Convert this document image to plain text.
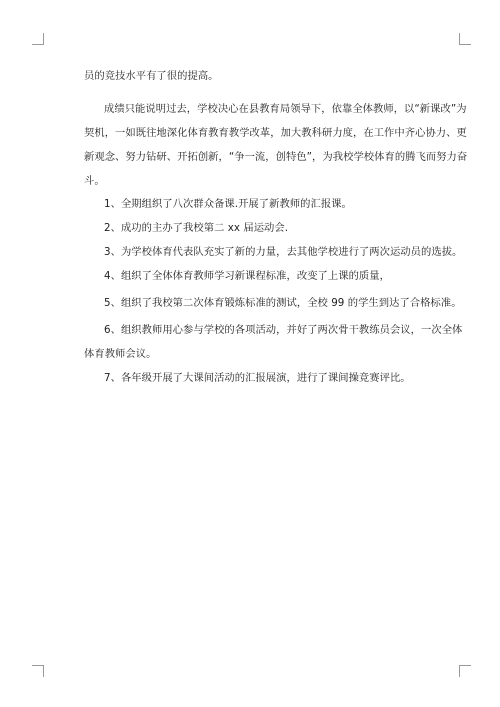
员的竞技水平有了很的提高。
成绩只能说明过去，学校决心在县教育局领导下，依靠全体教师，以“新课改”为
契机，一如既往地深化体育教育教学改革，加大教科研力度，在工作中齐心协力、更
新观念、努力钻研、开拓创新，“争一流，创特色”，为我校学校体育的腾飞而努力奋
斗。
1、全期组织了八次群众备课.开展了新教师的汇报课。
2、成功的主办了我校第二 xx 届运动会.
3、为学校体育代表队充实了新的力量，去其他学校进行了两次运动员的选拔。
4、组织了全体体育教师学习新课程标准，改变了上课的质量，
5、组织了我校第二次体育锻炼标准的测试，全校 99 的学生到达了合格标准。
6、组织教师用心参与学校的各项活动，并好了两次骨干教练员会议，一次全体
体育教师会议。
7、各年级开展了大课间活动的汇报展演，进行了课间操竞赛评比。
